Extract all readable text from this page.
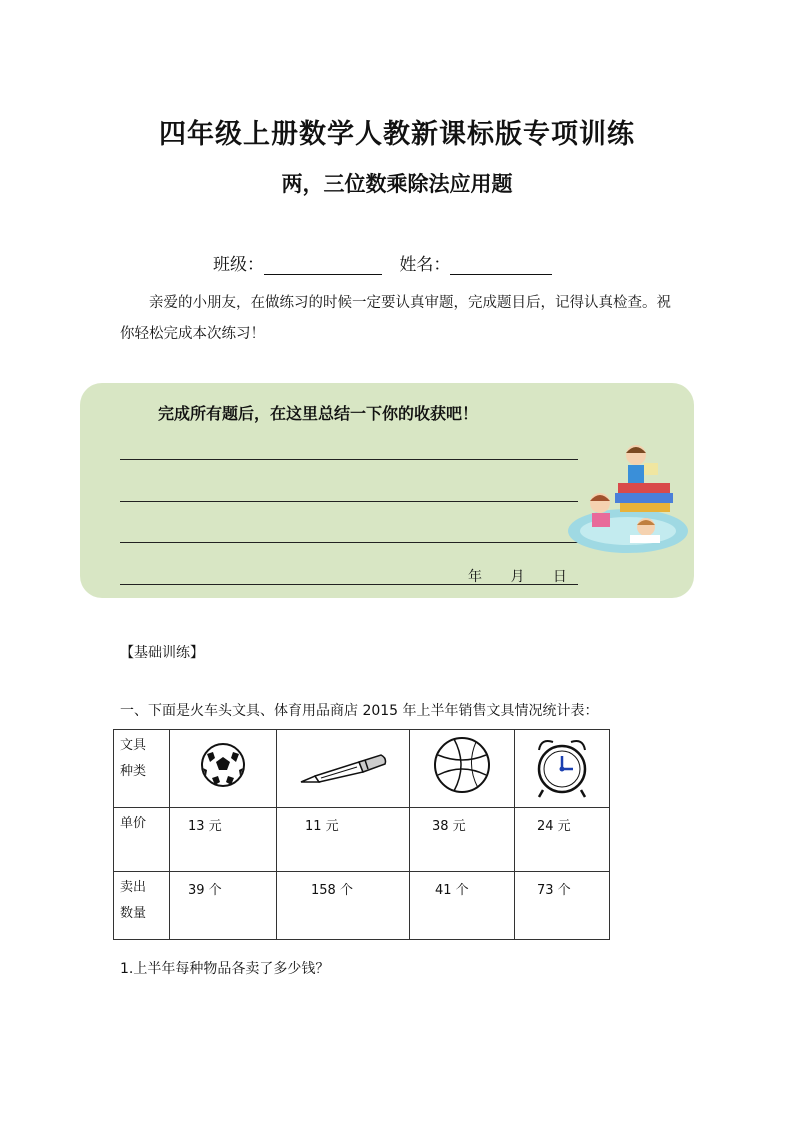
四年级上册数学人教新课标版专项训练
两，三位数乘除法应用题
班级：	姓名：
亲爱的小朋友，在做练习的时候一定要认真审题，完成题目后，记得认真检查。祝你轻松完成本次练习！
完成所有题后，在这里总结一下你的收获吧！
年 月 日
【基础训练】
一、下面是火车头文具、体育用品商店 2015 年上半年销售文具情况统计表：
文具
种类

单价	13 元	11 元	38 元	24 元

卖出
数量	39 个	158 个	41 个	73 个
1.上半年每种物品各卖了多少钱？
